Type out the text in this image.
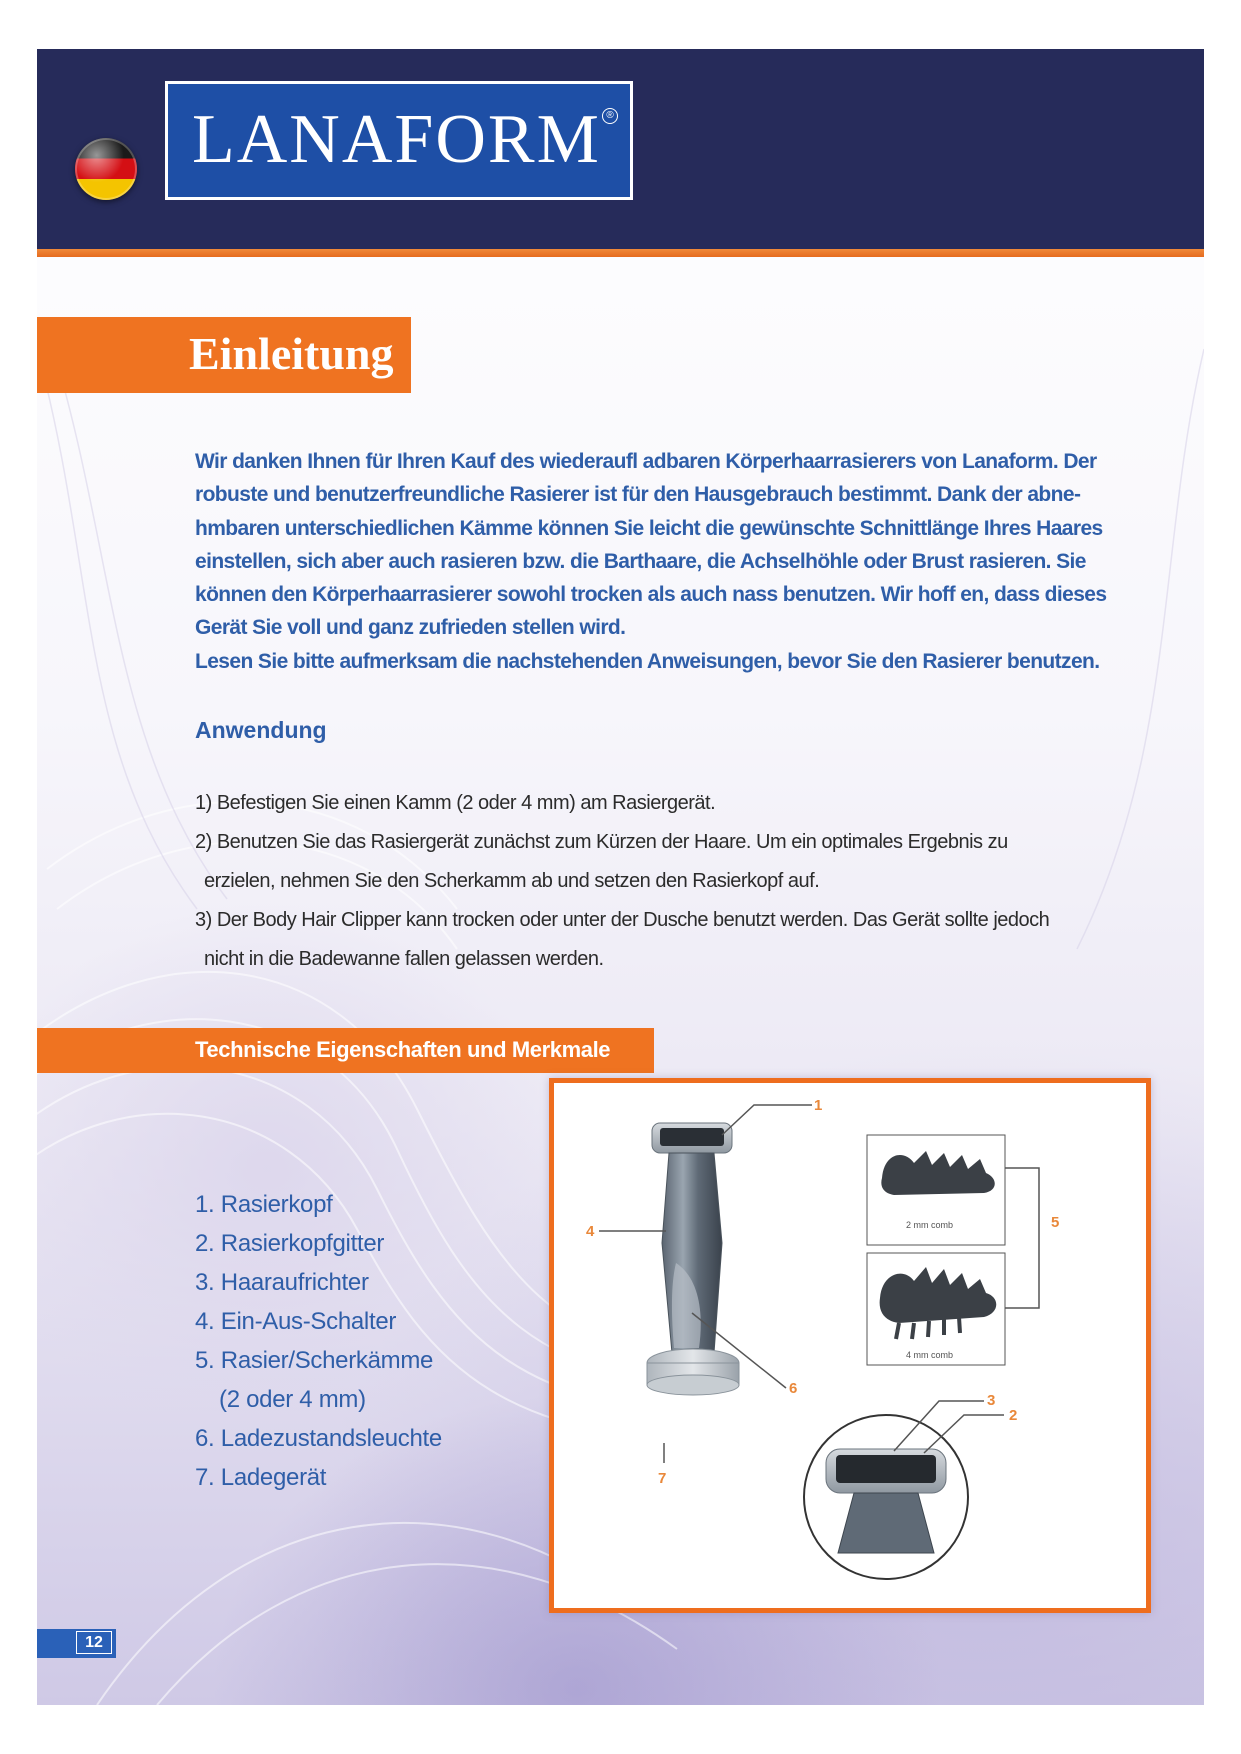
LANAFORM ®
Einleitung

Wir danken Ihnen für Ihren Kauf des wiederaufl adbaren Körperhaarrasierers von Lanaform. Der
robuste und benutzerfreundliche Rasierer ist für den Hausgebrauch bestimmt. Dank der abne-
hmbaren unterschiedlichen Kämme können Sie leicht die gewünschte Schnittlänge Ihres Haares
einstellen, sich aber auch rasieren bzw. die Barthaare, die Achselhöhle oder Brust rasieren. Sie
können den Körperhaarrasierer sowohl trocken als auch nass benutzen. Wir hoff en, dass dieses
Gerät Sie voll und ganz zufrieden stellen wird.
Lesen Sie bitte aufmerksam die nachstehenden Anweisungen, bevor Sie den Rasierer benutzen.

Anwendung
1) Befestigen Sie einen Kamm (2 oder 4 mm) am Rasiergerät.
2) Benutzen Sie das Rasiergerät zunächst zum Kürzen der Haare. Um ein optimales Ergebnis zu
erzielen, nehmen Sie den Scherkamm ab und setzen den Rasierkopf auf.
3) Der Body Hair Clipper kann trocken oder unter der Dusche benutzt werden. Das Gerät sollte jedoch
nicht in die Badewanne fallen gelassen werden.
Technische Eigenschaften und Merkmale
1. Rasierkopf
2. Rasierkopfgitter
3. Haaraufrichter
4. Ein-Aus-Schalter
5. Rasier/Scherkämme
(2 oder 4 mm)
6. Ladezustandsleuchte
7. Ladegerät
2 mm comb
4 mm comb
1
2
3
4
5
6
7
12
